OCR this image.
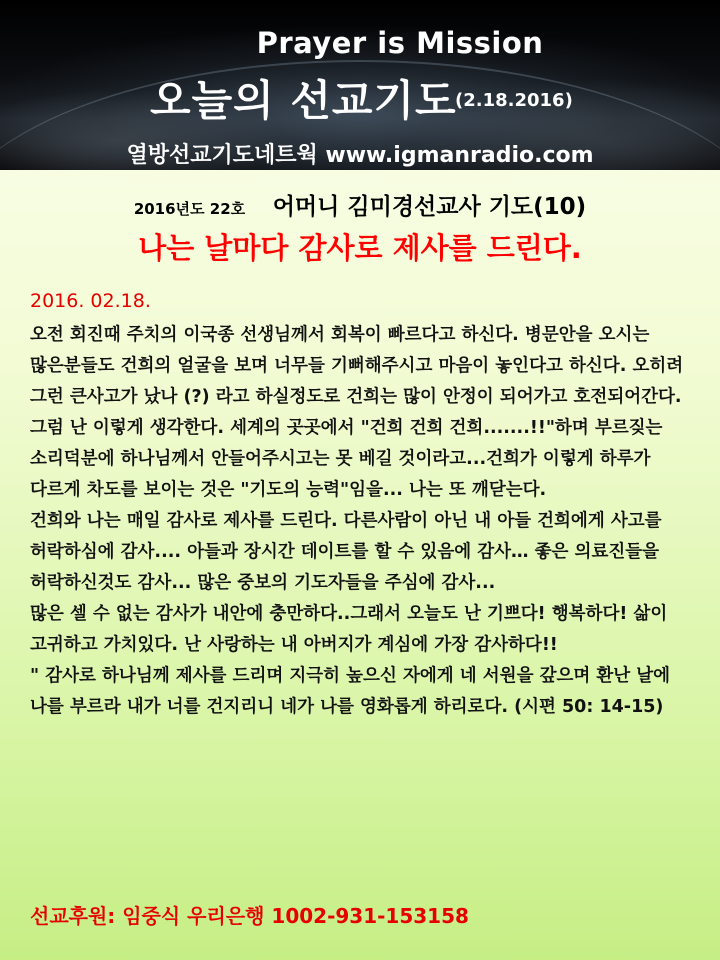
Prayer is Mission
오늘의 선교기도
(2.18.2016)
열방선교기도네트웍 www.igmanradio.com
2016년도 22호 어머니 김미경선교사 기도(10)
나는 날마다 감사로 제사를 드린다.
2016. 02.18.

오전 회진때 주치의 이국종 선생님께서 회복이 빠르다고 하신다. 병문안을 오시는 많은분들도 건희의 얼굴을 보며 너무들 기뻐해주시고 마음이 놓인다고 하신다. 오히려 그런 큰사고가 났나 (?) 라고 하실정도로 건희는 많이 안정이 되어가고 호전되어간다. 그럼 난 이렇게 생각한다. 세계의 곳곳에서 "건희 건희 건희.......!!"하며 부르짖는 소리덕분에 하나님께서 안들어주시고는 못 베길 것이라고...건희가 이렇게 하루가 다르게 차도를 보이는 것은 "기도의 능력"임을... 나는 또 깨닫는다.

건희와 나는 매일 감사로 제사를 드린다. 다른사람이 아닌 내 아들 건희에게 사고를 허락하심에 감사.... 아들과 장시간 데이트를 할 수 있음에 감사… 좋은 의료진들을 허락하신것도 감사... 많은 중보의 기도자들을 주심에 감사...

많은 셀 수 없는 감사가 내안에 충만하다..그래서 오늘도 난 기쁘다! 행복하다! 삶이 고귀하고 가치있다. 난 사랑하는 내 아버지가 계심에 가장 감사하다!!

" 감사로 하나님께 제사를 드리며 지극히 높으신 자에게 네 서원을 갚으며 환난 날에 나를 부르라 내가 너를 건지리니 네가 나를 영화롭게 하리로다. (시편 50: 14-15)

선교후원: 임중식 우리은행 1002-931-153158
